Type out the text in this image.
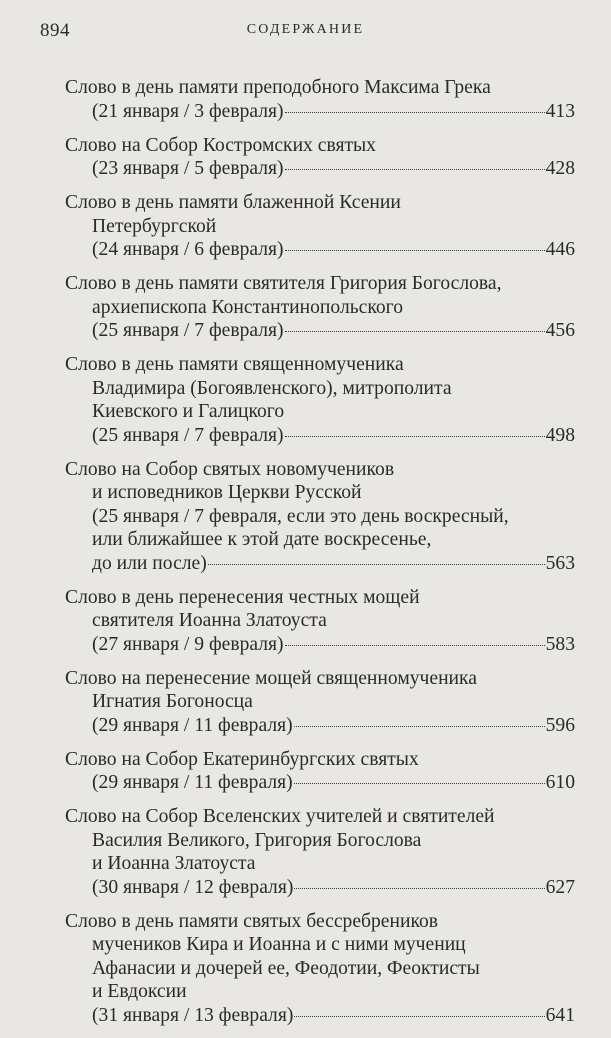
894	СОДЕРЖАНИЕ
Слово в день памяти преподобного Максима Грека
(21 января / 3 февраля)	413
Слово на Собор Костромских святых
(23 января / 5 февраля)	428
Слово в день памяти блаженной Ксении
Петербургской
(24 января / 6 февраля)	446
Слово в день памяти святителя Григория Богослова,
архиепископа Константинопольского
(25 января / 7 февраля)	456
Слово в день памяти священномученика
Владимира (Богоявленского), митрополита
Киевского и Галицкого
(25 января / 7 февраля)	498
Слово на Собор святых новомучеников
и исповедников Церкви Русской
(25 января / 7 февраля, если это день воскресный,
или ближайшее к этой дате воскресенье,
до или после)	563
Слово в день перенесения честных мощей
святителя Иоанна Златоуста
(27 января / 9 февраля)	583
Слово на перенесение мощей священномученика
Игнатия Богоносца
(29 января / 11 февраля)	596
Слово на Собор Екатеринбургских святых
(29 января / 11 февраля)	610
Слово на Собор Вселенских учителей и святителей
Василия Великого, Григория Богослова
и Иоанна Златоуста
(30 января / 12 февраля)	627
Слово в день памяти святых бессребреников
мучеников Кира и Иоанна и с ними мучениц
Афанасии и дочерей ее, Феодотии, Феоктисты
и Евдоксии
(31 января / 13 февраля)	641
